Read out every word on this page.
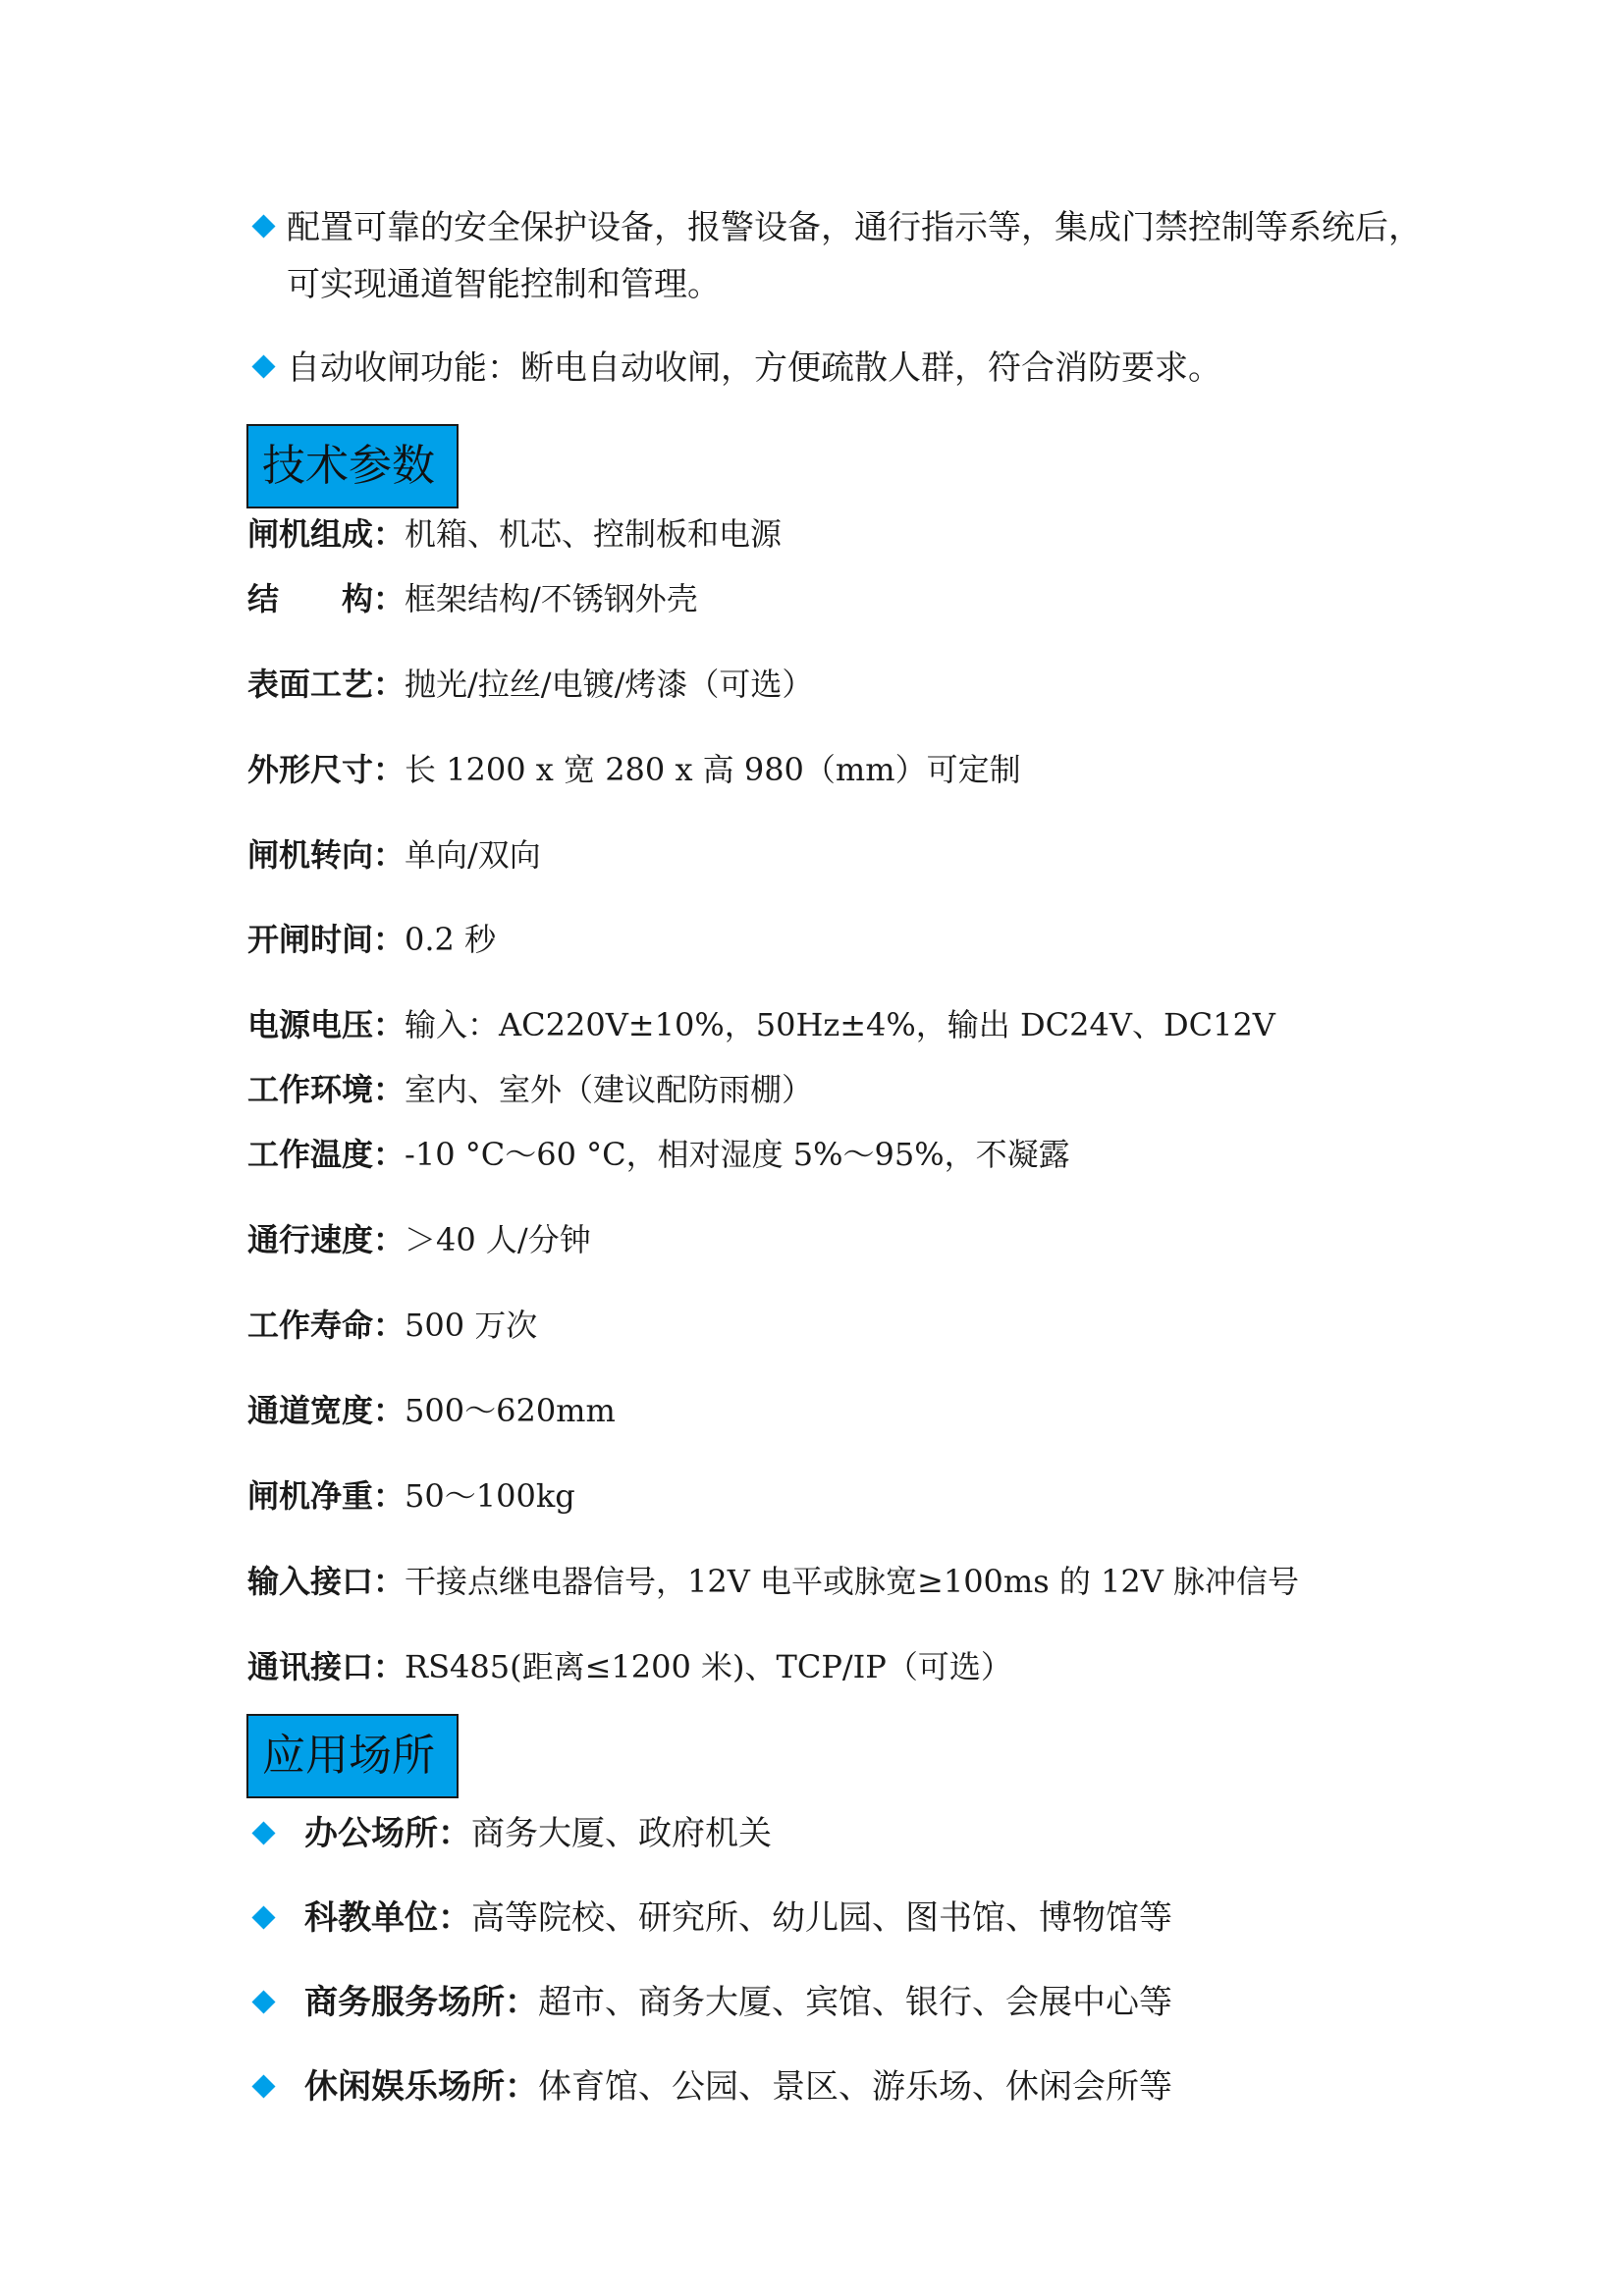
配置可靠的安全保护设备，报警设备，通行指示等，集成门禁控制等系统后，
可实现通道智能控制和管理。
自动收闸功能：断电自动收闸，方便疏散人群，符合消防要求。
技术参数
闸机组成：机箱、机芯、控制板和电源
结　　构：框架结构/不锈钢外壳
表面工艺：抛光/拉丝/电镀/烤漆（可选）
外形尺寸：长 1200 x 宽 280 x 高 980（mm）可定制
闸机转向：单向/双向
开闸时间：0.2 秒
电源电压：输入：AC220V±10%，50Hz±4%，输出 DC24V、DC12V
工作环境：室内、室外（建议配防雨棚）
工作温度：-10 °C～60 °C，相对湿度 5%～95%，不凝露
通行速度：＞40 人/分钟
工作寿命：500 万次
通道宽度：500～620mm
闸机净重：50～100kg
输入接口：干接点继电器信号，12V 电平或脉宽≥100ms 的 12V 脉冲信号
通讯接口：RS485(距离≤1200 米)、TCP/IP（可选）
应用场所
办公场所：商务大厦、政府机关
科教单位：高等院校、研究所、幼儿园、图书馆、博物馆等
商务服务场所：超市、商务大厦、宾馆、银行、会展中心等
休闲娱乐场所：体育馆、公园、景区、游乐场、休闲会所等
